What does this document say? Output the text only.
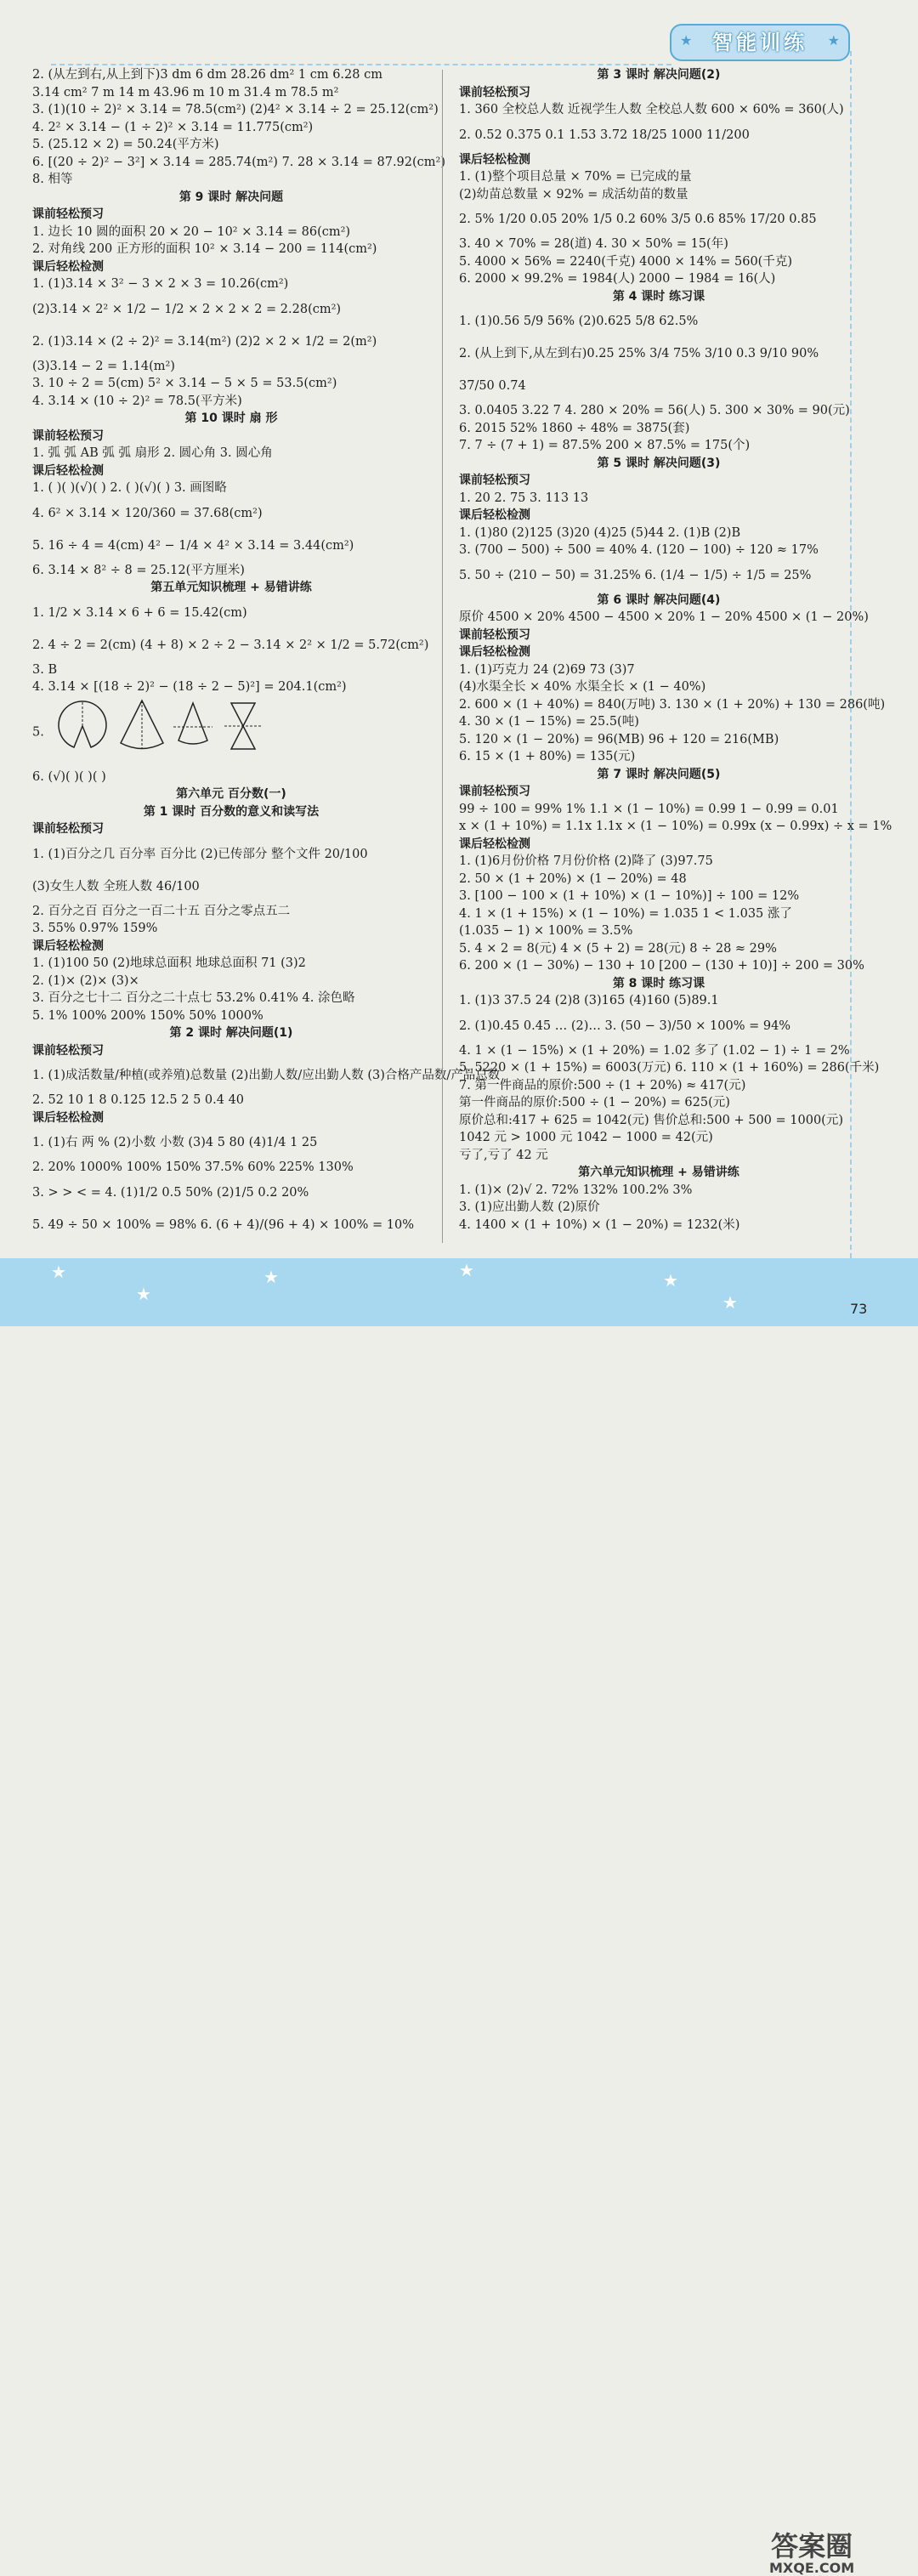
★ 智能训练 ★
2. (从左到右,从上到下)3 dm 6 dm 28.26 dm² 1 cm 6.28 cm
3.14 cm² 7 m 14 m 43.96 m 10 m 31.4 m 78.5 m²
3. (1)(10 ÷ 2)² × 3.14 = 78.5(cm²) (2)4² × 3.14 ÷ 2 = 25.12(cm²)
4. 2² × 3.14 − (1 ÷ 2)² × 3.14 = 11.775(cm²)
5. (25.12 × 2) = 50.24(平方米)
6. [(20 ÷ 2)² − 3²] × 3.14 = 285.74(m²) 7. 28 × 3.14 = 87.92(cm²)
8. 相等
第 9 课时 解决问题
课前轻松预习
1. 边长 10 圆的面积 20 × 20 − 10² × 3.14 = 86(cm²)
2. 对角线 200 正方形的面积 10² × 3.14 − 200 = 114(cm²)
课后轻松检测
1. (1)3.14 × 3² − 3 × 2 × 3 = 10.26(cm²)
(2)3.14 × 2² × 1/2 − 1/2 × 2 × 2 × 2 = 2.28(cm²)
2. (1)3.14 × (2 ÷ 2)² = 3.14(m²) (2)2 × 2 × 1/2 = 2(m²)
(3)3.14 − 2 = 1.14(m²)
3. 10 ÷ 2 = 5(cm) 5² × 3.14 − 5 × 5 = 53.5(cm²)
4. 3.14 × (10 ÷ 2)² = 78.5(平方米)
第 10 课时 扇 形
课前轻松预习
1. 弧 弧 AB 弧 弧 扇形 2. 圆心角 3. 圆心角
课后轻松检测
1. ( )( )(√)( ) 2. ( )(√)( ) 3. 画图略
4. 6² × 3.14 × 120/360 = 37.68(cm²)
5. 16 ÷ 4 = 4(cm) 4² − 1/4 × 4² × 3.14 = 3.44(cm²)
6. 3.14 × 8² ÷ 8 = 25.12(平方厘米)
第五单元知识梳理 + 易错讲练
1. 1/2 × 3.14 × 6 + 6 = 15.42(cm)
2. 4 ÷ 2 = 2(cm) (4 + 8) × 2 ÷ 2 − 3.14 × 2² × 1/2 = 5.72(cm²)
3. B
4. 3.14 × [(18 ÷ 2)² − (18 ÷ 2 − 5)²] = 204.1(cm²)
5.
6. (√)( )( )( )
第六单元 百分数(一)
第 1 课时 百分数的意义和读写法
课前轻松预习
1. (1)百分之几 百分率 百分比 (2)已传部分 整个文件 20/100
(3)女生人数 全班人数 46/100
2. 百分之百 百分之一百二十五 百分之零点五二
3. 55% 0.97% 159%
课后轻松检测
1. (1)100 50 (2)地球总面积 地球总面积 71 (3)2
2. (1)× (2)× (3)×
3. 百分之七十二 百分之二十点七 53.2% 0.41% 4. 涂色略
5. 1% 100% 200% 150% 50% 1000%
第 2 课时 解决问题(1)
课前轻松预习
1. (1)成活数量/种植(或养殖)总数量 (2)出勤人数/应出勤人数 (3)合格产品数/产品总数
2. 52 10 1 8 0.125 12.5 2 5 0.4 40
课后轻松检测
1. (1)右 两 % (2)小数 小数 (3)4 5 80 (4)1/4 1 25
2. 20% 1000% 100% 150% 37.5% 60% 225% 130%
3. > > < = 4. (1)1/2 0.5 50% (2)1/5 0.2 20%
5. 49 ÷ 50 × 100% = 98% 6. (6 + 4)/(96 + 4) × 100% = 10%
第 3 课时 解决问题(2)
课前轻松预习
1. 360 全校总人数 近视学生人数 全校总人数 600 × 60% = 360(人)
2. 0.52 0.375 0.1 1.53 3.72 18/25 1000 11/200
课后轻松检测
1. (1)整个项目总量 × 70% = 已完成的量
(2)幼苗总数量 × 92% = 成活幼苗的数量
2. 5% 1/20 0.05 20% 1/5 0.2 60% 3/5 0.6 85% 17/20 0.85
3. 40 × 70% = 28(道) 4. 30 × 50% = 15(年)
5. 4000 × 56% = 2240(千克) 4000 × 14% = 560(千克)
6. 2000 × 99.2% = 1984(人) 2000 − 1984 = 16(人)
第 4 课时 练习课
1. (1)0.56 5/9 56% (2)0.625 5/8 62.5%
2. (从上到下,从左到右)0.25 25% 3/4 75% 3/10 0.3 9/10 90%
37/50 0.74
3. 0.0405 3.22 7 4. 280 × 20% = 56(人) 5. 300 × 30% = 90(元)
6. 2015 52% 1860 ÷ 48% = 3875(套)
7. 7 ÷ (7 + 1) = 87.5% 200 × 87.5% = 175(个)
第 5 课时 解决问题(3)
课前轻松预习
1. 20 2. 75 3. 113 13
课后轻松检测
1. (1)80 (2)125 (3)20 (4)25 (5)44 2. (1)B (2)B
3. (700 − 500) ÷ 500 = 40% 4. (120 − 100) ÷ 120 ≈ 17%
5. 50 ÷ (210 − 50) = 31.25% 6. (1/4 − 1/5) ÷ 1/5 = 25%
第 6 课时 解决问题(4)
原价 4500 × 20% 4500 − 4500 × 20% 1 − 20% 4500 × (1 − 20%)
课前轻松预习
课后轻松检测
1. (1)巧克力 24 (2)69 73 (3)7
(4)水渠全长 × 40% 水渠全长 × (1 − 40%)
2. 600 × (1 + 40%) = 840(万吨) 3. 130 × (1 + 20%) + 130 = 286(吨)
4. 30 × (1 − 15%) = 25.5(吨)
5. 120 × (1 − 20%) = 96(MB) 96 + 120 = 216(MB)
6. 15 × (1 + 80%) = 135(元)
第 7 课时 解决问题(5)
课前轻松预习
99 ÷ 100 = 99% 1% 1.1 × (1 − 10%) = 0.99 1 − 0.99 = 0.01
x × (1 + 10%) = 1.1x 1.1x × (1 − 10%) = 0.99x (x − 0.99x) ÷ x = 1%
课后轻松检测
1. (1)6月份价格 7月份价格 (2)降了 (3)97.75
2. 50 × (1 + 20%) × (1 − 20%) = 48
3. [100 − 100 × (1 + 10%) × (1 − 10%)] ÷ 100 = 12%
4. 1 × (1 + 15%) × (1 − 10%) = 1.035 1 < 1.035 涨了
(1.035 − 1) × 100% = 3.5%
5. 4 × 2 = 8(元) 4 × (5 + 2) = 28(元) 8 ÷ 28 ≈ 29%
6. 200 × (1 − 30%) − 130 + 10 [200 − (130 + 10)] ÷ 200 = 30%
第 8 课时 练习课
1. (1)3 37.5 24 (2)8 (3)165 (4)160 (5)89.1
2. (1)0.45 0.45 … (2)… 3. (50 − 3)/50 × 100% = 94%
4. 1 × (1 − 15%) × (1 + 20%) = 1.02 多了 (1.02 − 1) ÷ 1 = 2%
5. 5220 × (1 + 15%) = 6003(万元) 6. 110 × (1 + 160%) = 286(千米)
7. 第一件商品的原价:500 ÷ (1 + 20%) ≈ 417(元)
第一件商品的原价:500 ÷ (1 − 20%) = 625(元)
原价总和:417 + 625 = 1042(元) 售价总和:500 + 500 = 1000(元)
1042 元 > 1000 元 1042 − 1000 = 42(元)
亏了,亏了 42 元
第六单元知识梳理 + 易错讲练
1. (1)× (2)√ 2. 72% 132% 100.2% 3%
3. (1)应出勤人数 (2)原价
4. 1400 × (1 + 10%) × (1 − 20%) = 1232(米)
★
★
★	★	★
★
答案圈
MXQE.COM
73
